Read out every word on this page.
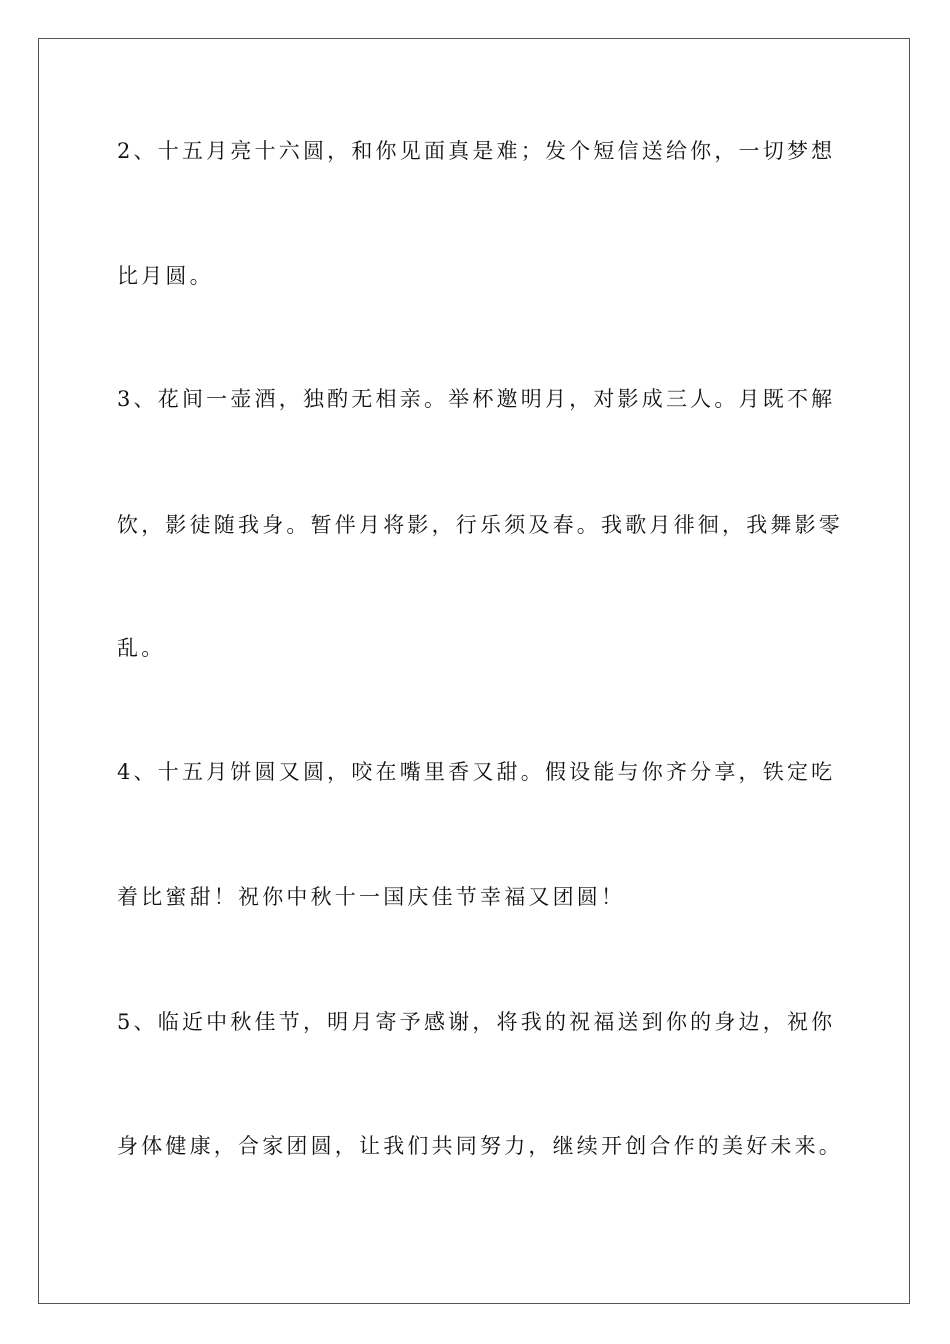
2、十五月亮十六圆，和你见面真是难；发个短信送给你，一切梦想
比月圆。
3、花间一壶酒，独酌无相亲。举杯邀明月，对影成三人。月既不解
饮，影徒随我身。暂伴月将影，行乐须及春。我歌月徘徊，我舞影零
乱。
4、十五月饼圆又圆，咬在嘴里香又甜。假设能与你齐分享，铁定吃
着比蜜甜！祝你中秋十一国庆佳节幸福又团圆！
5、临近中秋佳节，明月寄予感谢，将我的祝福送到你的身边，祝你
身体健康，合家团圆，让我们共同努力，继续开创合作的美好未来。
